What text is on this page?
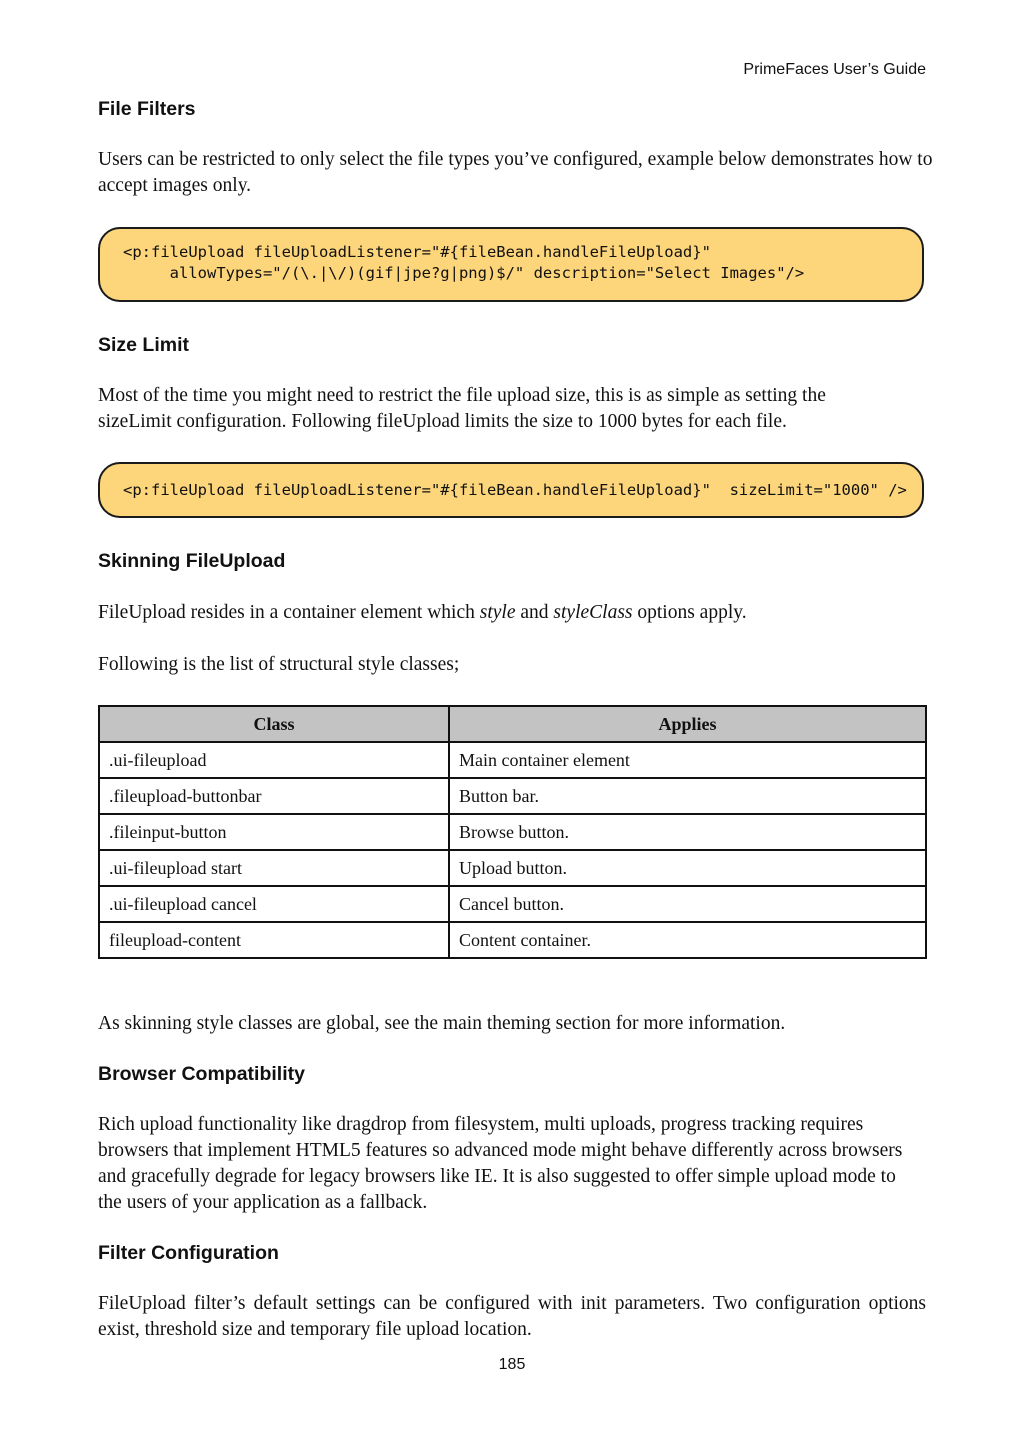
PrimeFaces User’s Guide
File Filters

Users can be restricted to only select the file types you’ve configured, example below demonstrates how to accept images only.

<p:fileUpload fileUploadListener="#{fileBean.handleFileUpload}"
allowTypes="/(\.|\/)(gif|jpe?g|png)$/" description="Select Images"/>
Size Limit

Most of the time you might need to restrict the file upload size, this is as simple as setting the sizeLimit configuration. Following fileUpload limits the size to 1000 bytes for each file.

<p:fileUpload fileUploadListener="#{fileBean.handleFileUpload}"  sizeLimit="1000" />
Skinning FileUpload

FileUpload resides in a container element which style and styleClass options apply.

Following is the list of structural style classes;

Class	Applies
.ui-fileupload	Main container element
.fileupload-buttonbar	Button bar.
.fileinput-button	Browse button.
.ui-fileupload start	Upload button.
.ui-fileupload cancel	Cancel button.
fileupload-content	Content container.

As skinning style classes are global, see the main theming section for more information.

Browser Compatibility

Rich upload functionality like dragdrop from filesystem, multi uploads, progress tracking requires browsers that implement HTML5 features so advanced mode might behave differently across browsers and gracefully degrade for legacy browsers like IE. It is also suggested to offer simple upload mode to the users of your application as a fallback.

Filter Configuration

FileUpload filter’s default settings can be configured with init parameters. Two configuration options exist, threshold size and temporary file upload location.

185
